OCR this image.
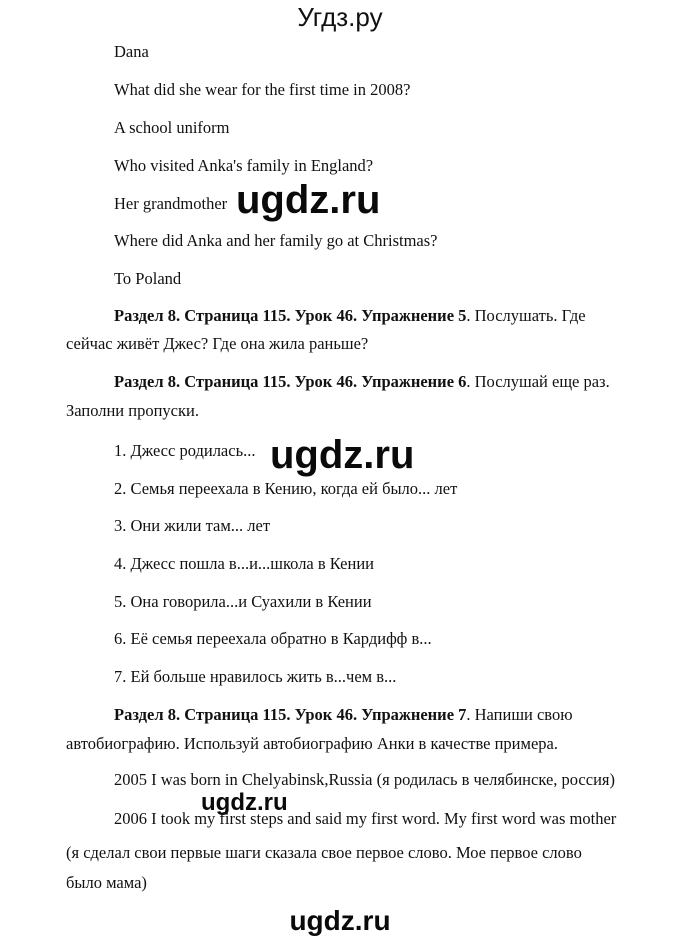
Угдз.ру
Dana
What did she wear for the first time in 2008?
A school uniform
Who visited Anka's family in England?
Her grandmother
Where did Anka and her family go at Christmas?
To Poland
ugdz.ru
Раздел 8. Страница 115. Урок 46. Упражнение 5. Послушать. Где
сейчас живёт Джес? Где она жила раньше?
Раздел 8. Страница 115. Урок 46. Упражнение 6. Послушай еще раз.
Заполни пропуски.
1. Джесс родилась... ugdz.ru
2. Семья переехала в Кению, когда ей было... лет
3. Они жили там... лет
4. Джесс пошла в...и...школа в Кении
5. Она говорила...и Суахили в Кении
6. Её семья переехала обратно в Кардифф в...
7. Ей больше нравилось жить в...чем в...
Раздел 8. Страница 115. Урок 46. Упражнение 7. Напиши свою
автобиографию. Используй автобиографию Анки в качестве примера.
2005 I was born in Chelyabinsk,Russia (я родилась в челябинске, россия)
ugdz.ru
2006 I took my first steps and said my first word. My first word was mother
(я сделал свои первые шаги сказала свое первое слово. Мое первое слово
было мама)
ugdz.ru
